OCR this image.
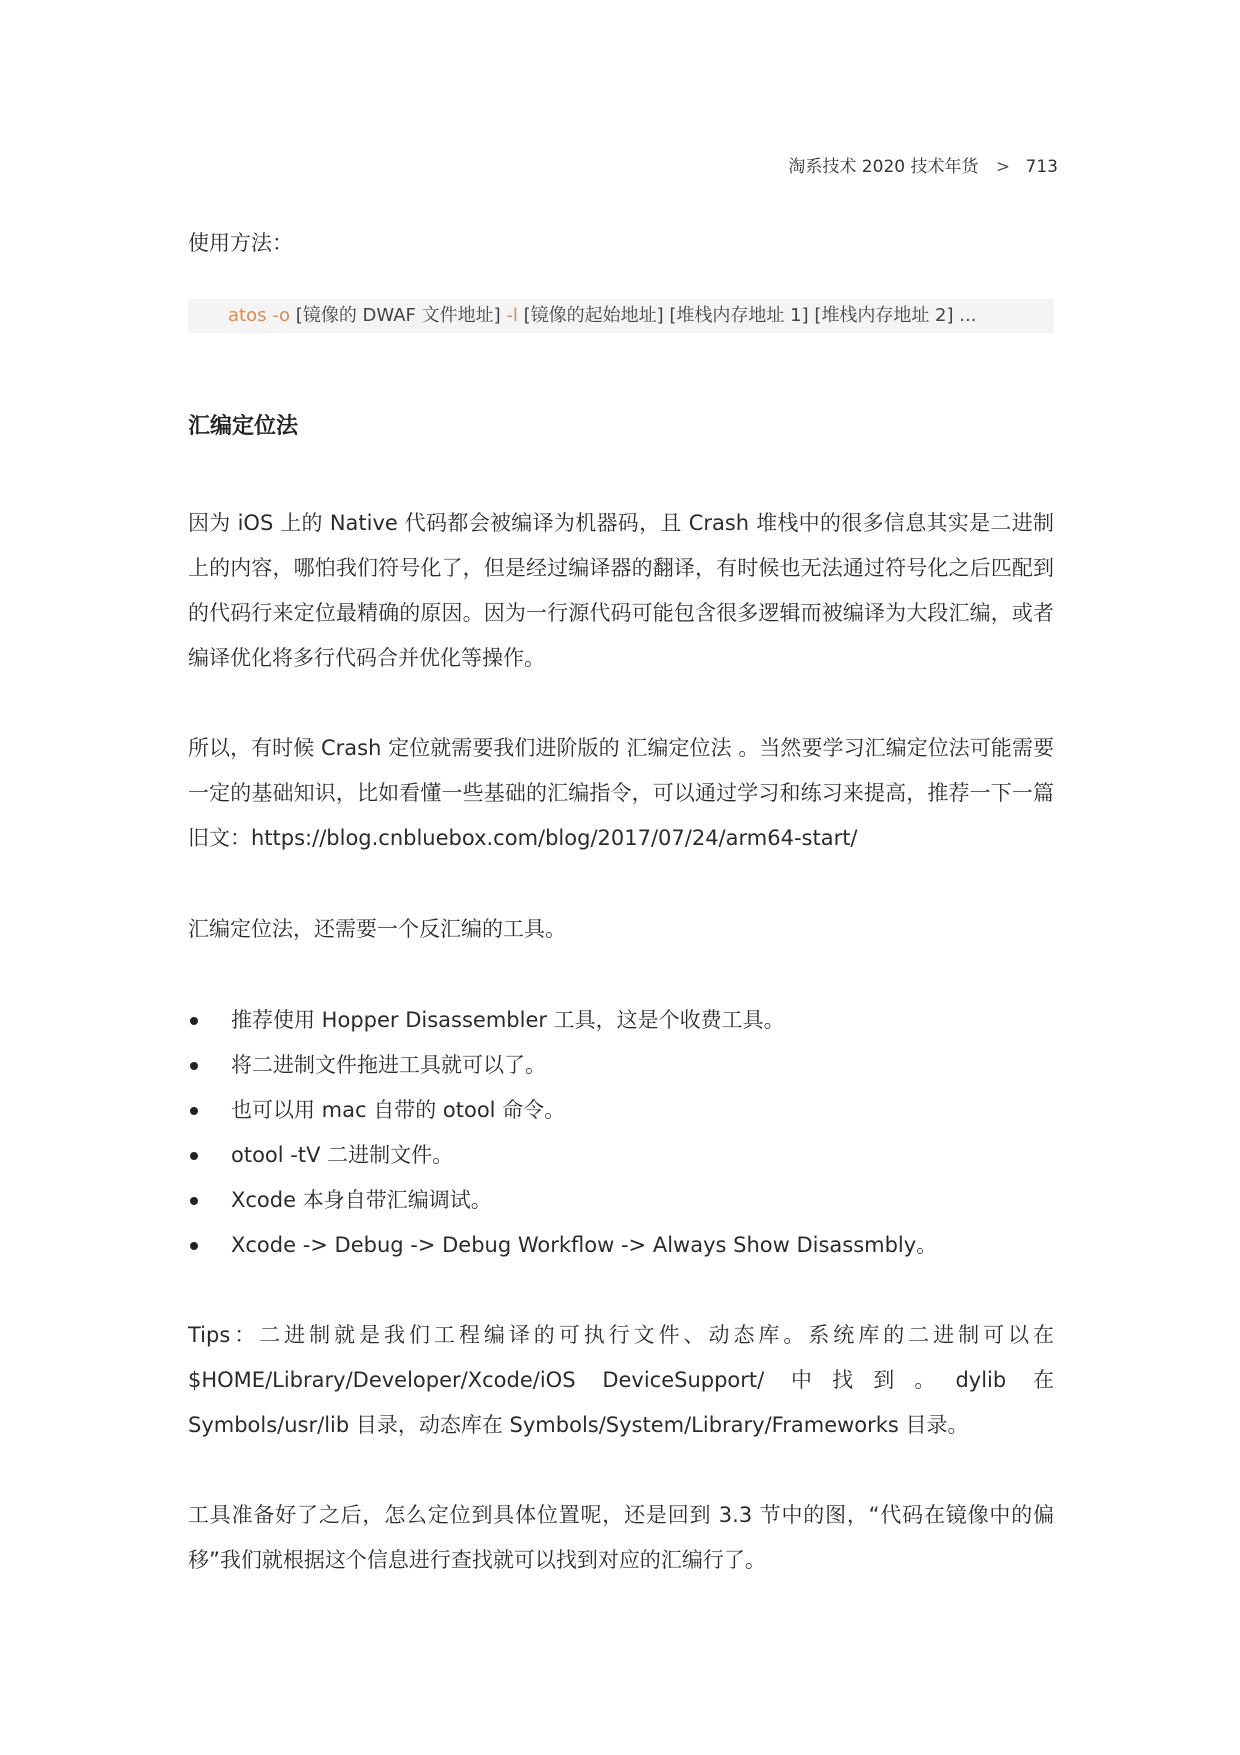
淘系技术 2020 技术年货 > 713

使用方法：

atos -o [镜像的 DWAF 文件地址] -l [镜像的起始地址] [堆栈内存地址 1] [堆栈内存地址 2] ...
汇编定位法

因为 iOS 上的 Native 代码都会被编译为机器码，且 Crash 堆栈中的很多信息其实是二进制上的内容，哪怕我们符号化了，但是经过编译器的翻译，有时候也无法通过符号化之后匹配到的代码行来定位最精确的原因。因为一行源代码可能包含很多逻辑而被编译为大段汇编，或者编译优化将多行代码合并优化等操作。

所以，有时候 Crash 定位就需要我们进阶版的 汇编定位法 。当然要学习汇编定位法可能需要一定的基础知识，比如看懂一些基础的汇编指令，可以通过学习和练习来提高，推荐一下一篇旧文：https://blog.cnbluebox.com/blog/2017/07/24/arm64-start/

汇编定位法，还需要一个反汇编的工具。

推荐使用 Hopper Disassembler 工具，这是个收费工具。
将二进制文件拖进工具就可以了。
也可以用 mac 自带的 otool 命令。
otool -tV 二进制文件。
Xcode 本身自带汇编调试。
Xcode -> Debug -> Debug Workflow -> Always Show Disassmbly。

Tips：二进制就是我们工程编译的可执行文件、动态库。系统库的二进制可以在 $HOME/Library/Developer/Xcode/iOS DeviceSupport/ 中找到。dylib 在 Symbols/usr/lib 目录，动态库在 Symbols/System/Library/Frameworks 目录。

工具准备好了之后，怎么定位到具体位置呢，还是回到 3.3 节中的图，“代码在镜像中的偏移”我们就根据这个信息进行查找就可以找到对应的汇编行了。
